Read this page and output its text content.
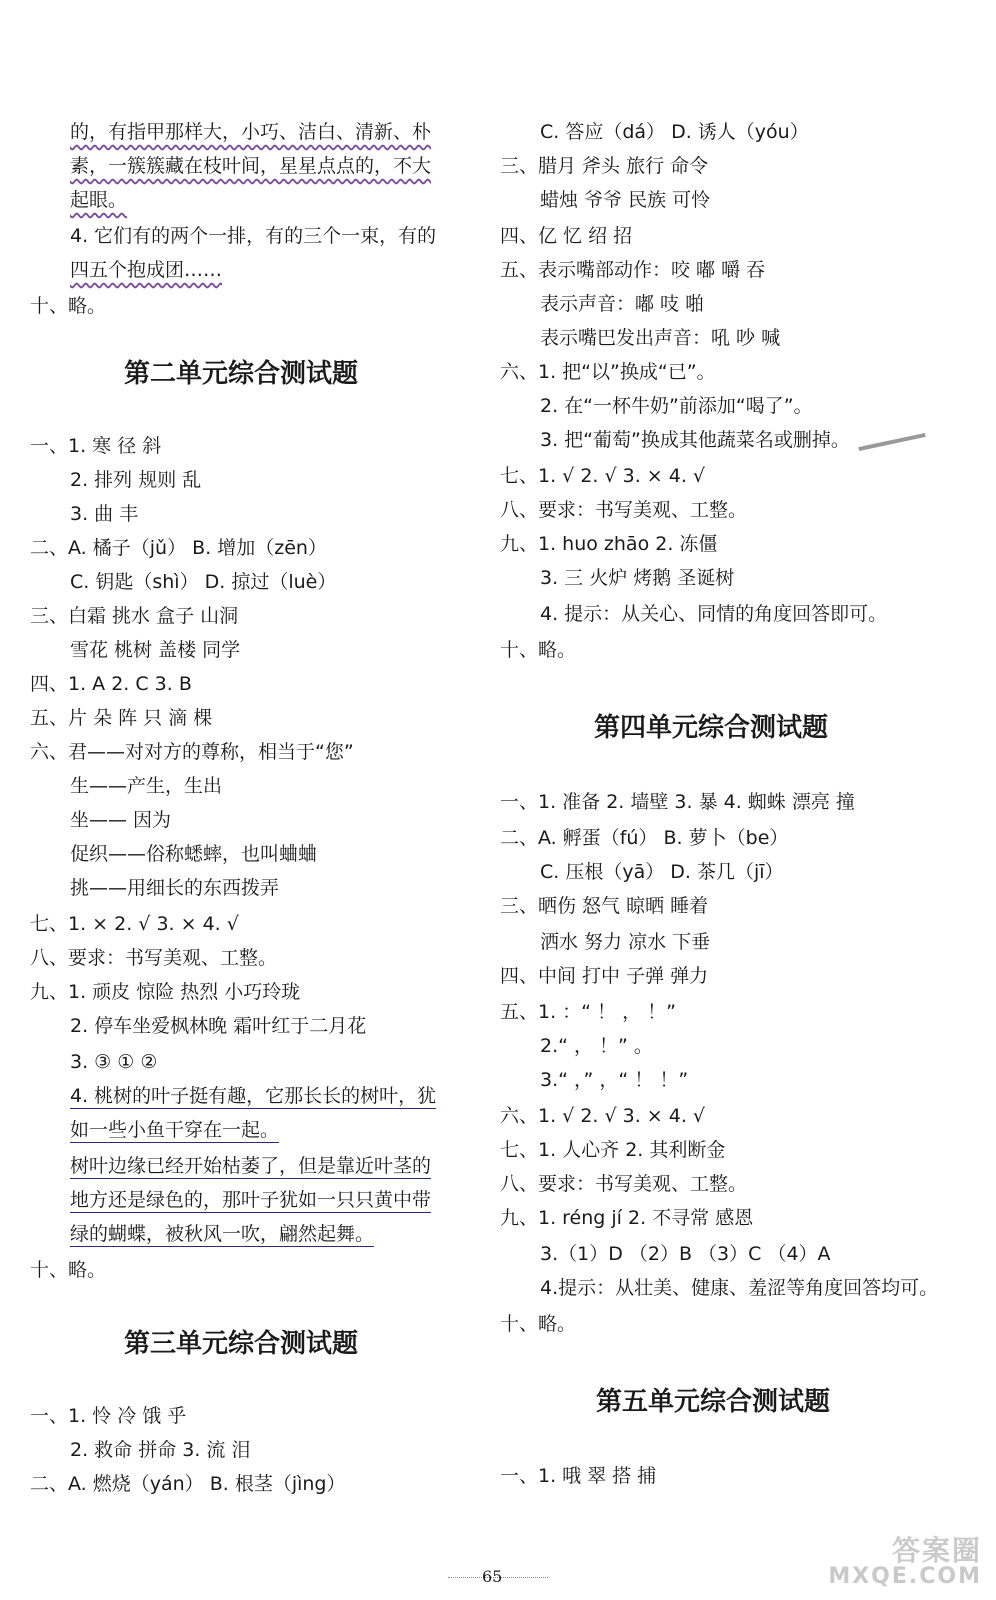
的，有指甲那样大，小巧、洁白、清新、朴
素，一簇簇藏在枝叶间，星星点点的，不大
起眼。
4. 它们有的两个一排，有的三个一束，有的
四五个抱成团……
十、略。
第二单元综合测试题
一、1. 寒 径 斜
2. 排列 规则 乱
3. 曲 丰
二、A. 橘子（jǔ） B. 增加（zēn）
C. 钥匙（shì） D. 掠过（luè）
三、白霜 挑水 盒子 山洞
雪花 桃树 盖楼 同学
四、1. A 2. C 3. B
五、片 朵 阵 只 滴 棵
六、君——对对方的尊称，相当于“您”
生——产生，生出
坐—— 因为
促织——俗称蟋蟀，也叫蛐蛐
挑——用细长的东西拨弄
七、1. × 2. √ 3. × 4. √
八、要求：书写美观、工整。
九、1. 顽皮 惊险 热烈 小巧玲珑
2. 停车坐爱枫林晚 霜叶红于二月花
3. ③ ① ②
4. 桃树的叶子挺有趣，它那长长的树叶，犹
如一些小鱼干穿在一起。
树叶边缘已经开始枯萎了，但是靠近叶茎的
地方还是绿色的，那叶子犹如一只只黄中带
绿的蝴蝶，被秋风一吹，翩然起舞。
十、略。
第三单元综合测试题
一、1. 怜 冷 饿 乎
2. 救命 拼命 3. 流 泪
二、A. 燃烧（yán） B. 根茎（jìng）
C. 答应（dá） D. 诱人（yóu）
三、腊月 斧头 旅行 命令
蜡烛 爷爷 民族 可怜
四、亿 忆 绍 招
五、表示嘴部动作：咬 嘟 嚼 吞
表示声音：嘟 吱 啪
表示嘴巴发出声音：吼 吵 喊
六、1. 把“以”换成“已”。
2. 在“一杯牛奶”前添加“喝了”。
3. 把“葡萄”换成其他蔬菜名或删掉。
七、1. √ 2. √ 3. × 4. √
八、要求：书写美观、工整。
九、1. huo zhāo 2. 冻僵
3. 三 火炉 烤鹅 圣诞树
4. 提示：从关心、同情的角度回答即可。
十、略。
第四单元综合测试题
一、1. 准备 2. 墙壁 3. 暴 4. 蜘蛛 漂亮 撞
二、A. 孵蛋（fú） B. 萝卜（be）
C. 压根（yā） D. 茶几（jī）
三、晒伤 怒气 晾晒 睡着
洒水 努力 凉水 下垂
四、中间 打中 子弹 弹力
五、1. ：“ ！ ， ！”
2.“ ， ！” 。
3.“ ，” ，“ ！ ！”
六、1. √ 2. √ 3. × 4. √
七、1. 人心齐 2. 其利断金
八、要求：书写美观、工整。
九、1. réng jí 2. 不寻常 感恩
3.（1）D （2）B （3）C （4）A
4.提示：从壮美、健康、羞涩等角度回答均可。
十、略。
第五单元综合测试题
一、1. 哦 翠 搭 捕
65
答案圈
MXQE.COM
